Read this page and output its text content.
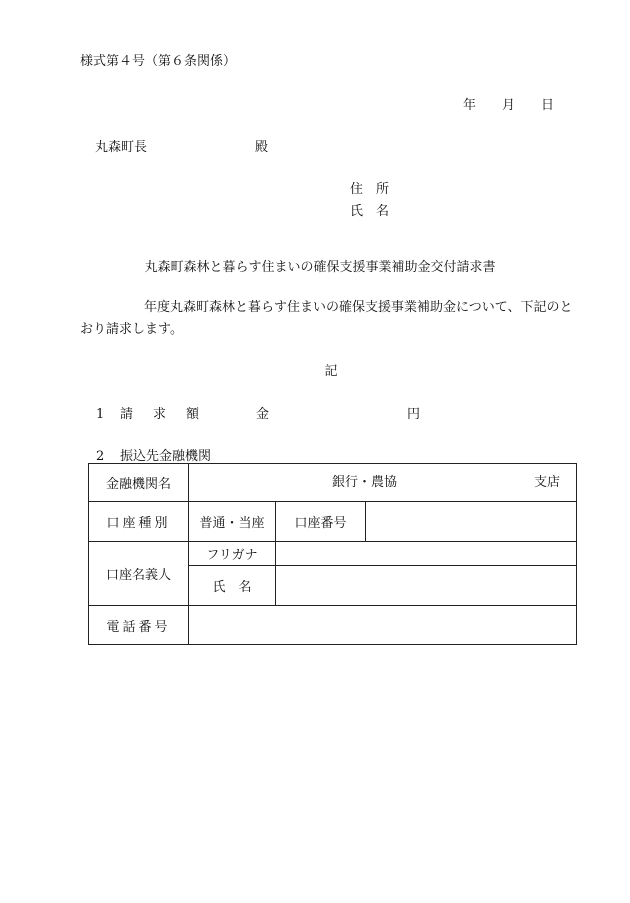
様式第４号（第６条関係）
年 月 日
丸森町長	殿
住　所
氏　名
丸森町森林と暮らす住まいの確保支援事業補助金交付請求書
年度丸森町森林と暮らす住まいの確保支援事業補助金について、下記のとおり請求します。
記
1 請求額	金	円
2 振込先金融機関
金融機関名	銀行・農協 支店		

口座種別	普通・当座	口座番号	
口座名義人	フリガナ		
	氏　名		
電話番号			
